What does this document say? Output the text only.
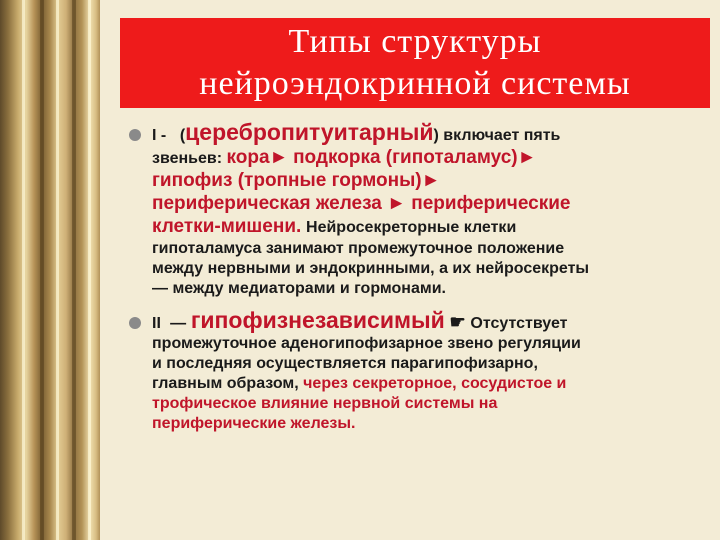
Типы структуры
нейроэндокринной системы
I - (церебропитуитарный) включает пять
звеньев: кора► подкорка (гипоталамус)►
гипофиз (тропные гормоны)►
периферическая железа ► периферические
клетки-мишени. Нейросекреторные клетки
гипоталамуса занимают промежуточное положение
между нервными и эндокринными, а их нейросекреты
— между медиаторами и гормонами.
II — гипофизнезависимый ☛ Отсутствует
промежуточное аденогипофизарное звено регуляции
и последняя осуществляется парагипофизарно,
главным образом, через секреторное, сосудистое и
трофическое влияние нервной системы на
периферические железы.
